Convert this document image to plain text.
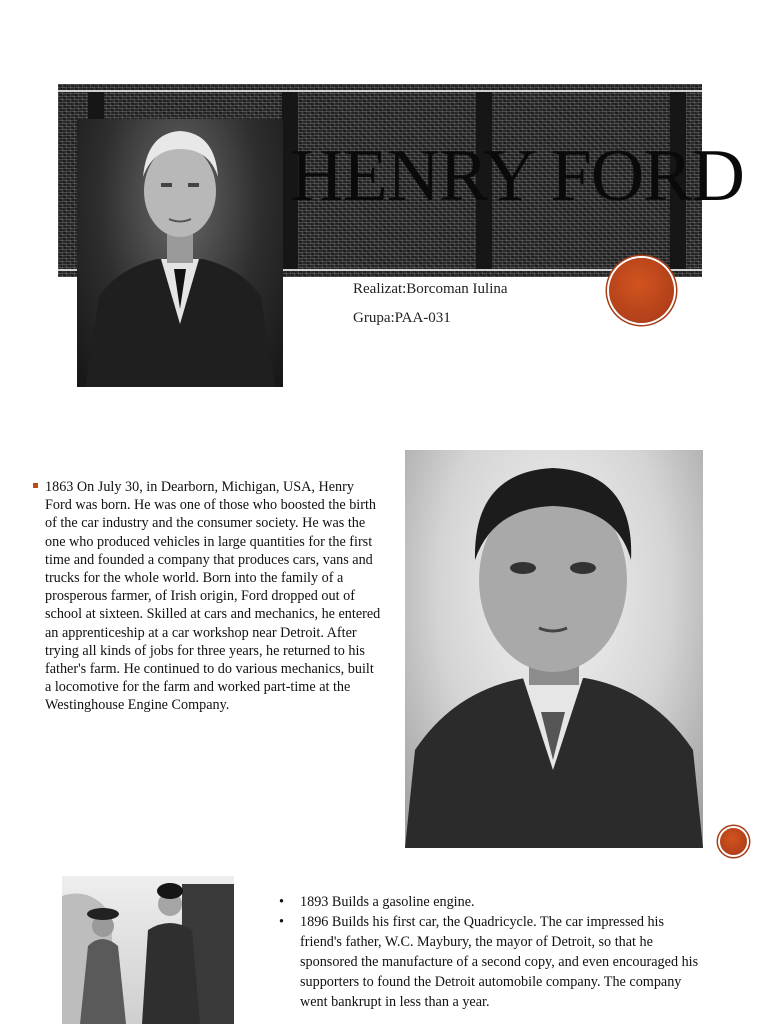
HENRY FORD
Realizat:Borcoman Iulina
Grupa:PAA-031

1863 On July 30, in Dearborn, Michigan, USA, Henry Ford was born. He was one of those who boosted the birth of the car industry and the consumer society. He was the one who produced vehicles in large quantities for the first time and founded a company that produces cars, vans and trucks for the whole world. Born into the family of a prosperous farmer, of Irish origin, Ford dropped out of school at sixteen. Skilled at cars and mechanics, he entered an apprenticeship at a car workshop near Detroit. After trying all kinds of jobs for three years, he returned to his father's farm. He continued to do various mechanics, built a locomotive for the farm and worked part-time at the Westinghouse Engine Company.

• 1893 Builds a gasoline engine.
• 1896 Builds his first car, the Quadricycle. The car impressed his friend's father, W.C. Maybury, the mayor of Detroit, so that he sponsored the manufacture of a second copy, and even encouraged his supporters to found the Detroit automobile company. The company went bankrupt in less than a year.
